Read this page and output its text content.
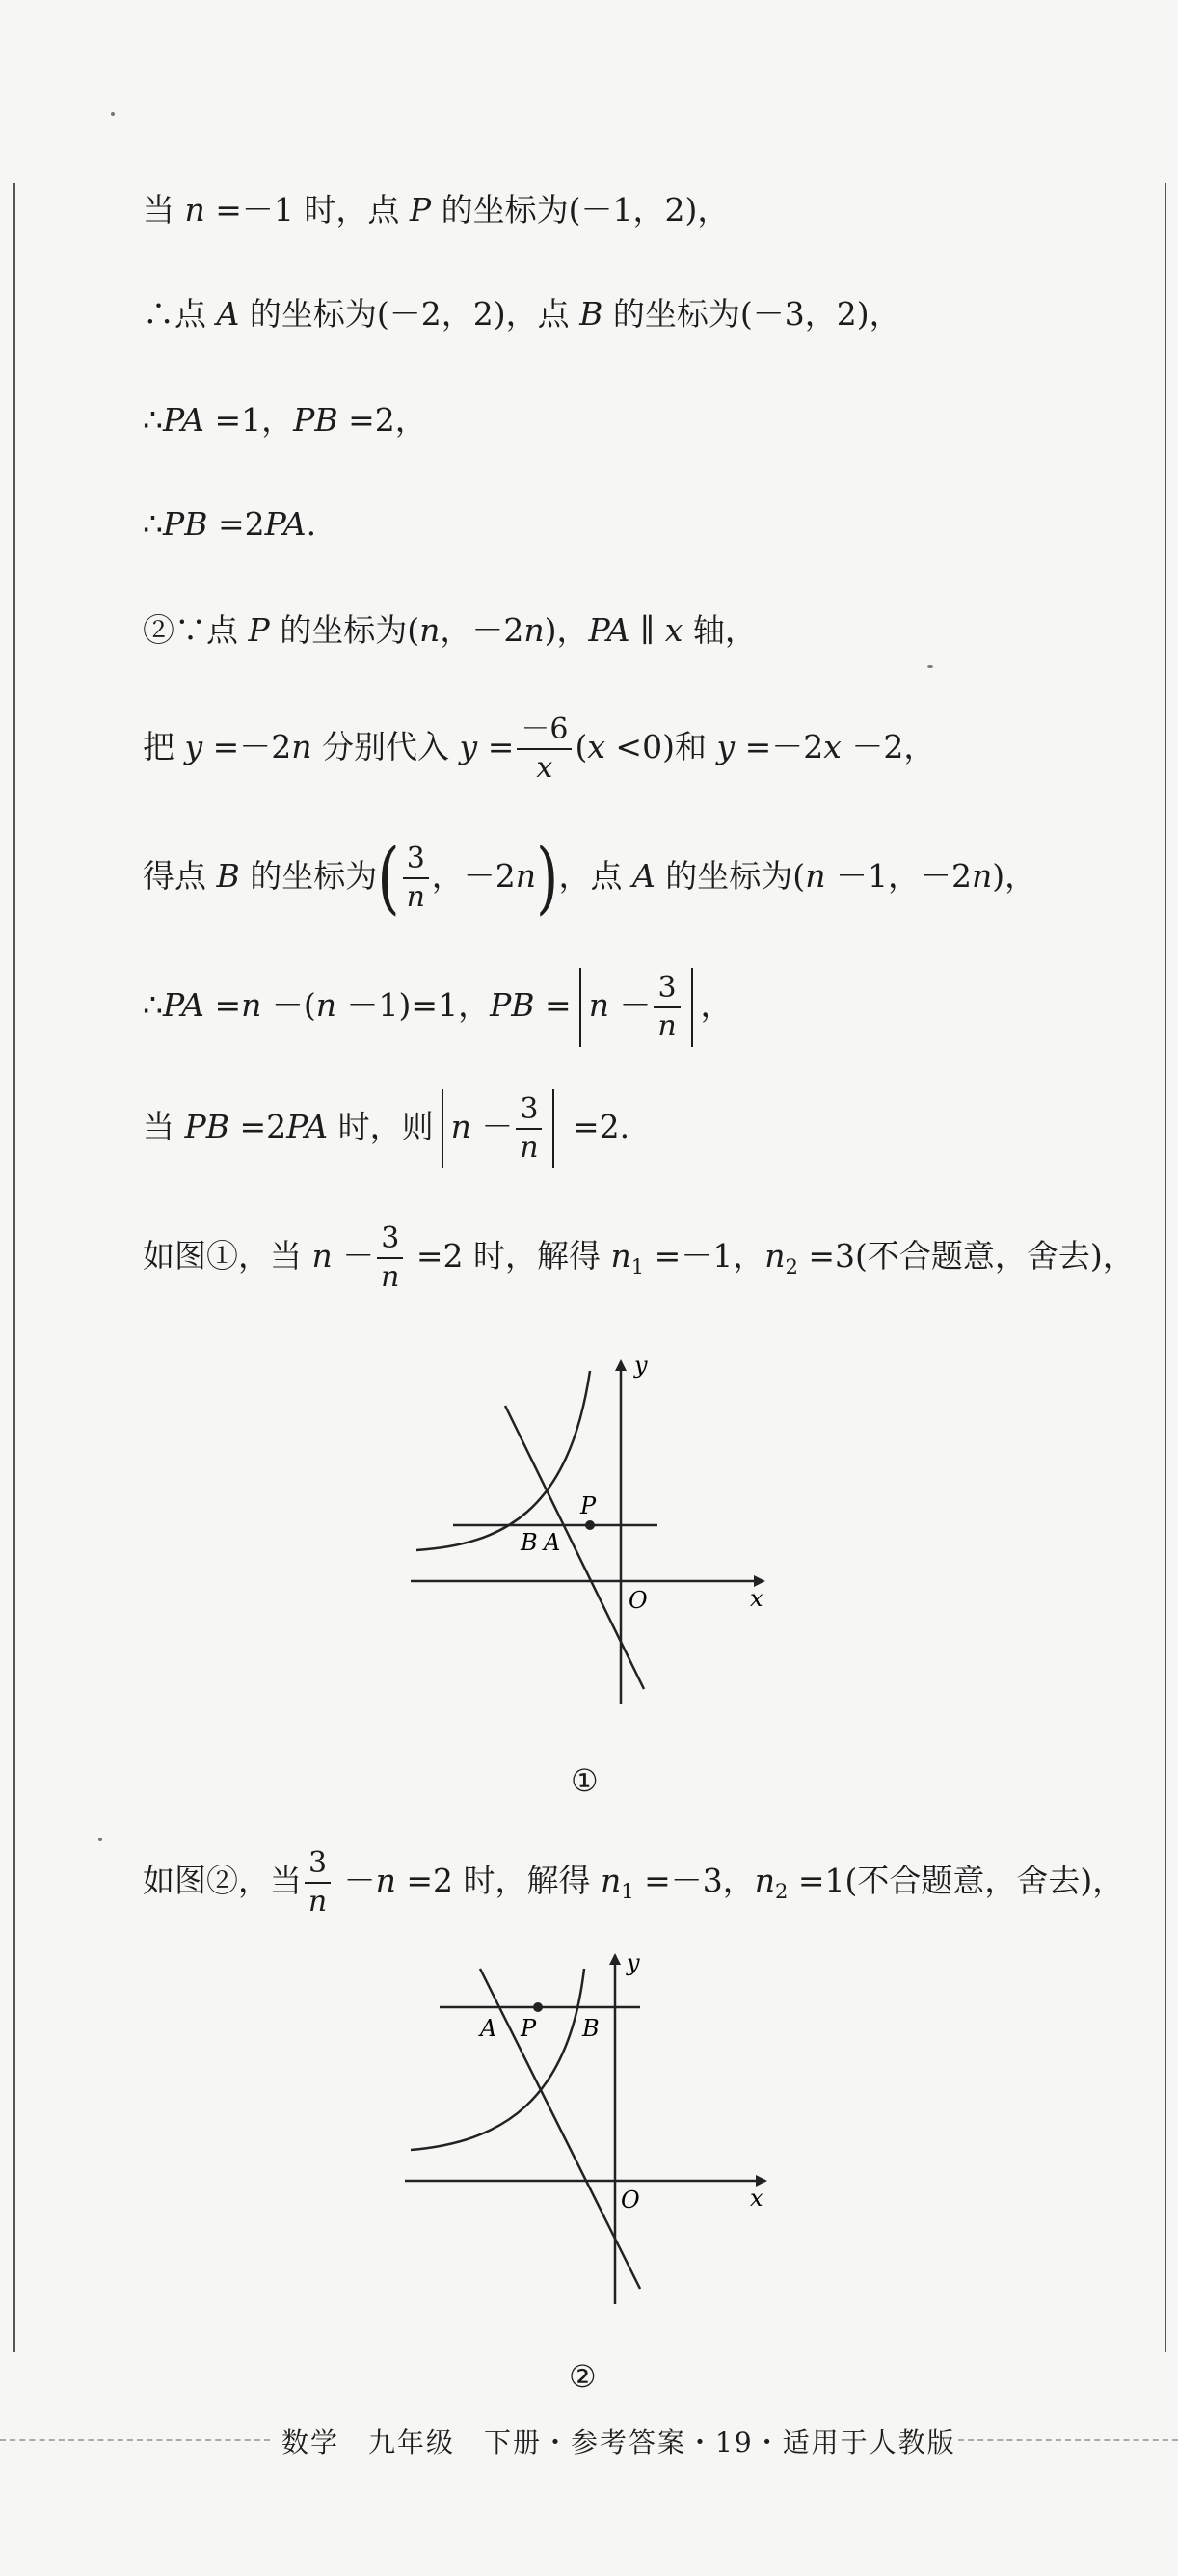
当 n =－1 时，点 P 的坐标为(－1，2)，
∴点 A 的坐标为(－2，2)，点 B 的坐标为(－3，2)，
∴PA =1，PB =2，
∴PB =2PA.
②∵点 P 的坐标为(n，－2n)，PA ∥ x 轴，
把 y =－2n 分别代入 $y = \frac{-6}{x} (x <0)$和 y =－2x －2，
得点 B 的坐标为( $\frac{3}{n}$ ，－2n)，点 A 的坐标为(n －1，－2n)，
∴PA =n －(n －1)=1，PB = $n - \frac{3}{n}$ ，
当 PB =2PA 时，则 $n - \frac{3}{n} =2$.
如图①，当 $n - \frac{3}{n} =2$ 时，解得 $n_1 =-1$，$n_2 =3$(不合题意，舍去)，
y
x
O
P
B A
①
如图②，当 $\frac{3}{n} -n =2$ 时，解得 $n_1 =-3$，$n_2 =1$(不合题意，舍去)，
y
x
O
A P B
②
数学　九年级　下册・参考答案・19・适用于人教版
